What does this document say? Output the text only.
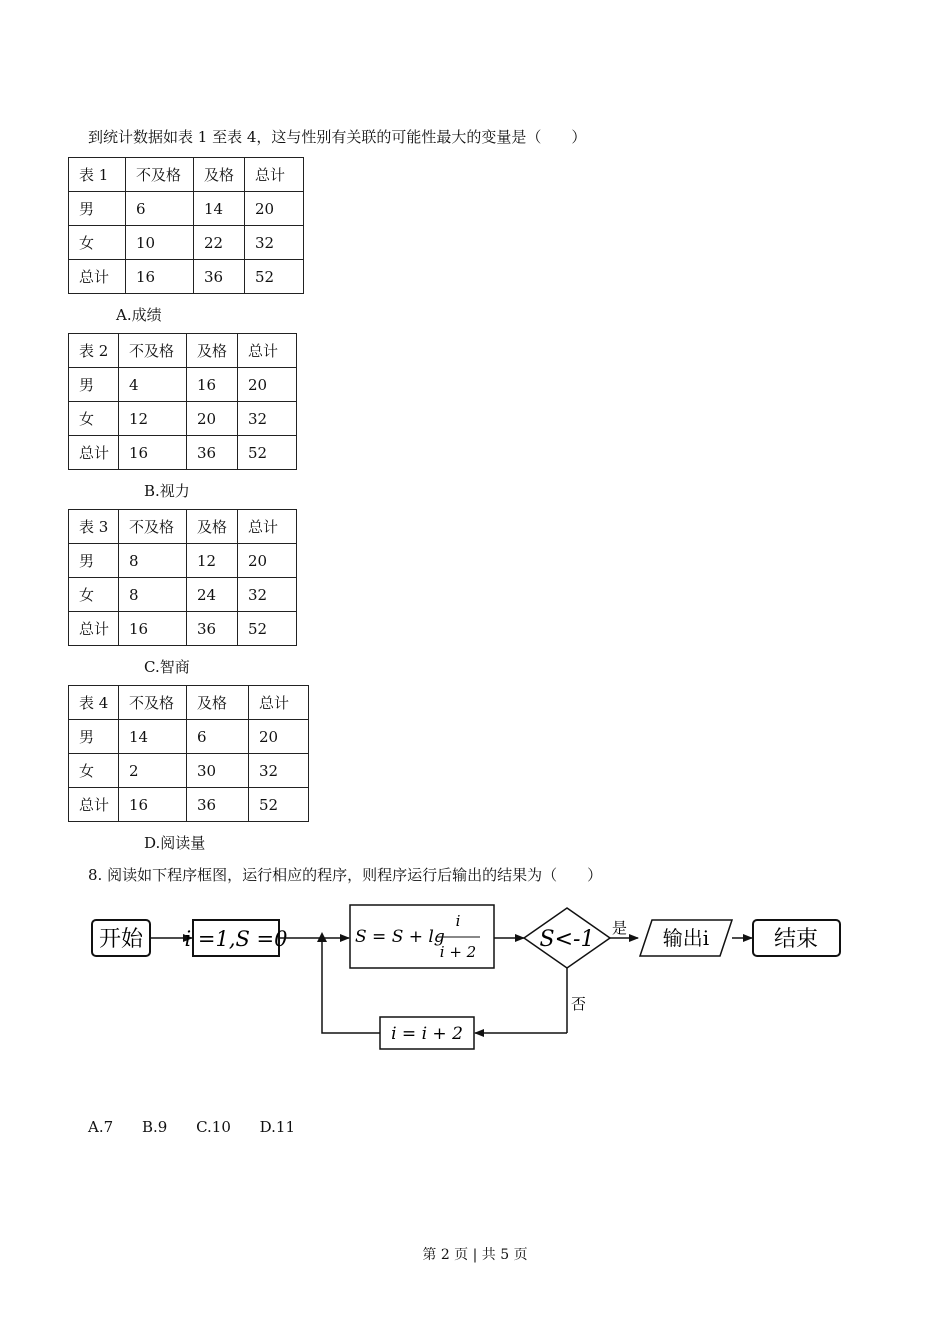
到统计数据如表 1 至表 4，这与性别有关联的可能性最大的变量是（　　）
表 1	不及格	及格	总计
男	6	14	20
女	10	22	32
总计	16	36	52
A.成绩
表 2	不及格	及格	总计
男	4	16	20
女	12	20	32
总计	16	36	52
B.视力
表 3	不及格	及格	总计
男	8	12	20
女	8	24	32
总计	16	36	52
C.智商
表 4	不及格	及格	总计
男	14	6	20
女	2	30	32
总计	16	36	52
D.阅读量
8. 阅读如下程序框图，运行相应的程序，则程序运行后输出的结果为（　　）
开始 i =1,S =0	S = S + lg
i
i + 2	S<-1 是 输出i	结束
否
i = i + 2
A.7 B.9 C.10 D.11
第 2 页 | 共 5 页
